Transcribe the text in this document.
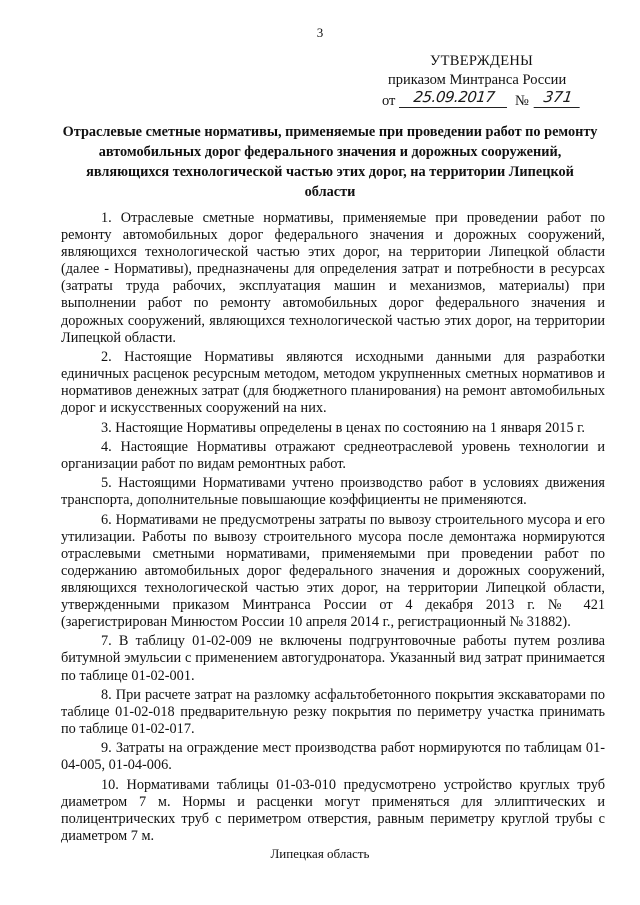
3
УТВЕРЖДЕНЫ
приказом Минтранса России
от	25.09.2017	№ 371
Отраслевые сметные нормативы, применяемые при проведении работ по ремонту автомобильных дорог федерального значения и дорожных сооружений, являющихся технологической частью этих дорог, на территории Липецкой области

1. Отраслевые сметные нормативы, применяемые при проведении работ по ремонту автомобильных дорог федерального значения и дорожных сооружений, являющихся технологической частью этих дорог, на территории Липецкой области (далее - Нормативы), предназначены для определения затрат и потребности в ресурсах (затраты труда рабочих, эксплуатация машин и механизмов, материалы) при выполнении работ по ремонту автомобильных дорог федерального значения и дорожных сооружений, являющихся технологической частью этих дорог, на территории Липецкой области.

2. Настоящие Нормативы являются исходными данными для разработки единичных расценок ресурсным методом, методом укрупненных сметных нормативов и нормативов денежных затрат (для бюджетного планирования) на ремонт автомобильных дорог и искусственных сооружений на них.

3. Настоящие Нормативы определены в ценах по состоянию на 1 января 2015 г.

4. Настоящие Нормативы отражают среднеотраслевой уровень технологии и организации работ по видам ремонтных работ.

5. Настоящими Нормативами учтено производство работ в условиях движения транспорта, дополнительные повышающие коэффициенты не применяются.

6. Нормативами не предусмотрены затраты по вывозу строительного мусора и его утилизации. Работы по вывозу строительного мусора после демонтажа нормируются отраслевыми сметными нормативами, применяемыми при проведении работ по содержанию автомобильных дорог федерального значения и дорожных сооружений, являющихся технологической частью этих дорог, на территории Липецкой области, утвержденными приказом Минтранса России от 4 декабря 2013 г. № 421 (зарегистрирован Минюстом России 10 апреля 2014 г., регистрационный № 31882).

7. В таблицу 01-02-009 не включены подгрунтовочные работы путем розлива битумной эмульсии с применением автогудронатора. Указанный вид затрат принимается по таблице 01-02-001.

8. При расчете затрат на разломку асфальтобетонного покрытия экскаваторами по таблице 01-02-018 предварительную резку покрытия по периметру участка принимать по таблице 01-02-017.

9. Затраты на ограждение мест производства работ нормируются по таблицам 01-04-005, 01-04-006.

10. Нормативами таблицы 01-03-010 предусмотрено устройство круглых труб диаметром 7 м. Нормы и расценки могут применяться для эллиптических и полицентрических труб с периметром отверстия, равным периметру круглой трубы с диаметром 7 м.

Липецкая область
